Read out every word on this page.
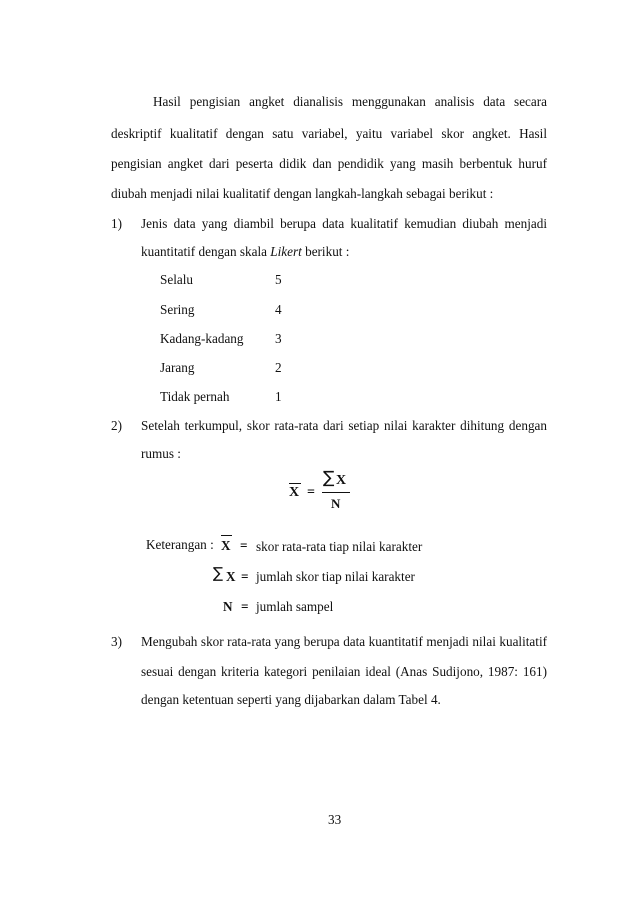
Hasil pengisian angket dianalisis menggunakan analisis data secara
deskriptif kualitatif dengan satu variabel, yaitu variabel skor angket. Hasil
pengisian angket dari peserta didik dan pendidik yang masih berbentuk huruf
diubah menjadi nilai kualitatif dengan langkah-langkah sebagai berikut :
1) Jenis data yang diambil berupa data kualitatif kemudian diubah menjadi
kuantitatif dengan skala Likert berikut :
Selalu	5
Sering	4
Kadang-kadang 3
Jarang	2
Tidak pernah	1
2) Setelah terkumpul, skor rata-rata dari setiap nilai karakter dihitung dengan
rumus :
X =
∑ X
N
Keterangan : X = skor rata-rata tiap nilai karakter
∑ X = jumlah skor tiap nilai karakter
N = jumlah sampel
3) Mengubah skor rata-rata yang berupa data kuantitatif menjadi nilai kualitatif
sesuai dengan kriteria kategori penilaian ideal (Anas Sudijono, 1987: 161)
dengan ketentuan seperti yang dijabarkan dalam Tabel 4.
33
